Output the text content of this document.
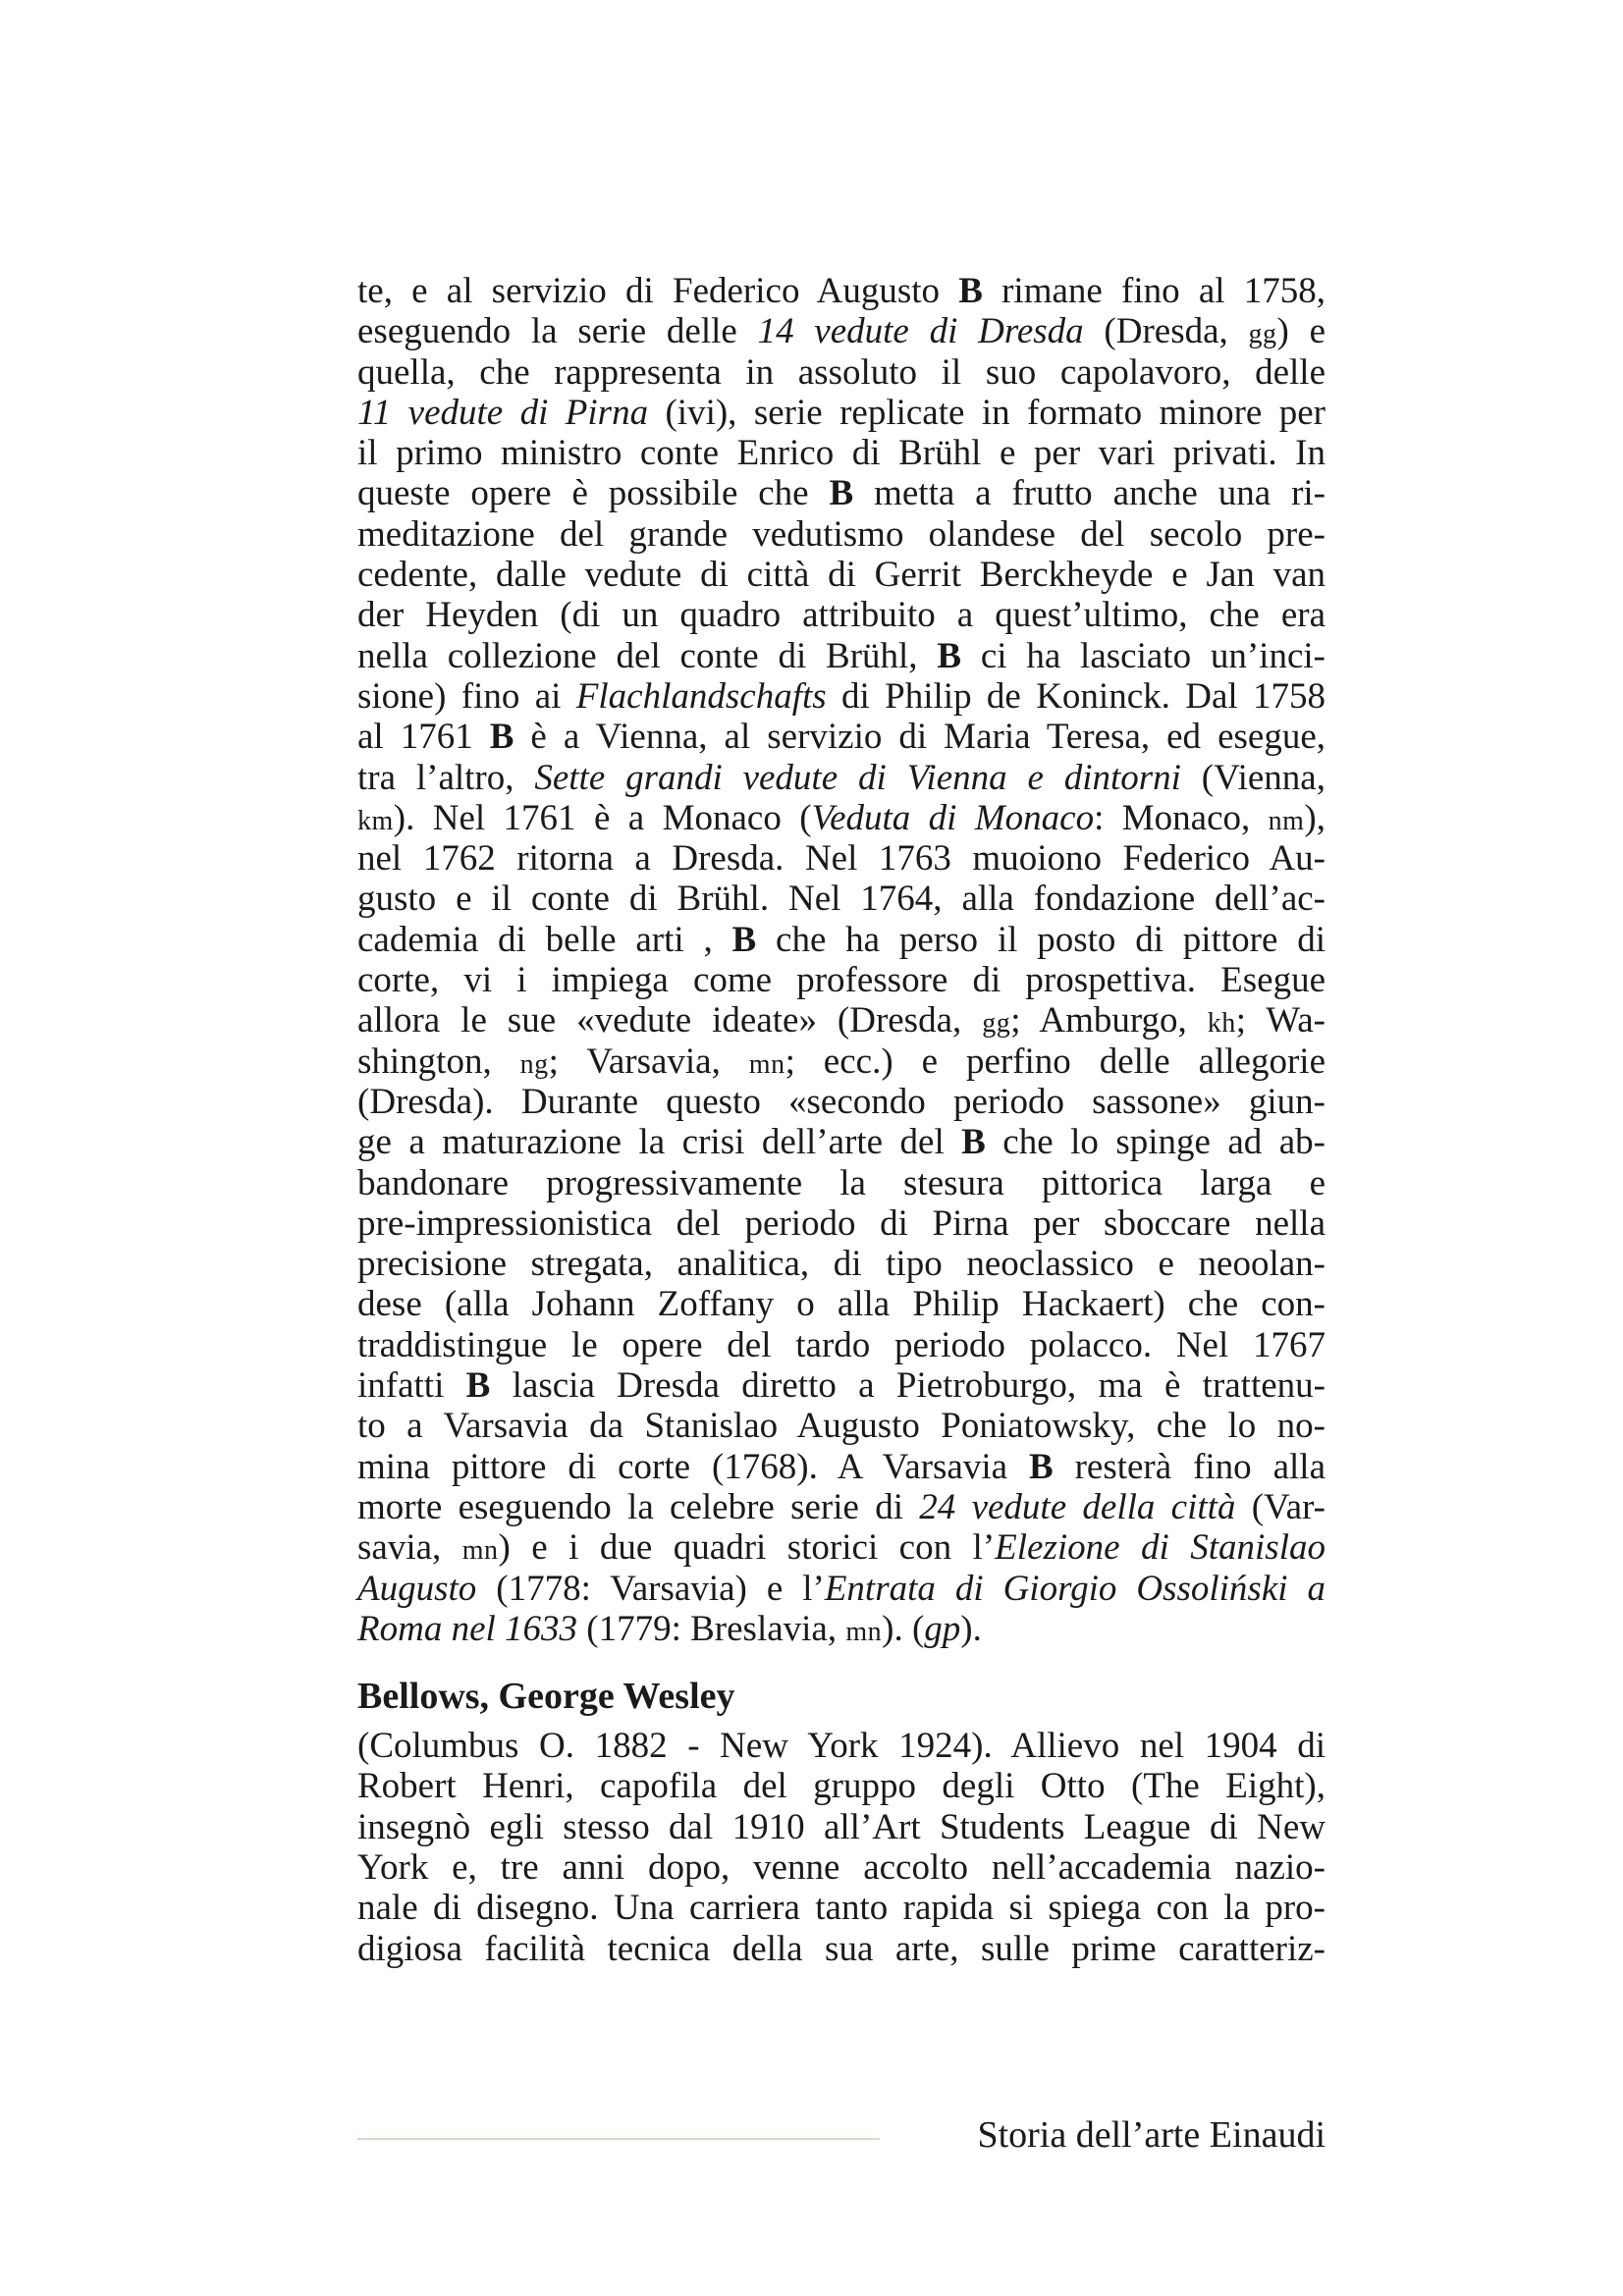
te, e al servizio di Federico Augusto B rimane fino al 1758,
eseguendo la serie delle 14 vedute di Dresda (Dresda, gg) e
quella, che rappresenta in assoluto il suo capolavoro, delle
11 vedute di Pirna (ivi), serie replicate in formato minore per
il primo ministro conte Enrico di Brühl e per vari privati. In
queste opere è possibile che B metta a frutto anche una ri-
meditazione del grande vedutismo olandese del secolo pre-
cedente, dalle vedute di città di Gerrit Berckheyde e Jan van
der Heyden (di un quadro attribuito a quest’ultimo, che era
nella collezione del conte di Brühl, B ci ha lasciato un’inci-
sione) fino ai Flachlandschafts di Philip de Koninck. Dal 1758
al 1761 B è a Vienna, al servizio di Maria Teresa, ed esegue,
tra l’altro, Sette grandi vedute di Vienna e dintorni (Vienna,
km). Nel 1761 è a Monaco (Veduta di Monaco: Monaco, nm),
nel 1762 ritorna a Dresda. Nel 1763 muoiono Federico Au-
gusto e il conte di Brühl. Nel 1764, alla fondazione dell’ac-
cademia di belle arti , B che ha perso il posto di pittore di
corte, vi i impiega come professore di prospettiva. Esegue
allora le sue «vedute ideate» (Dresda, gg; Amburgo, kh; Wa-
shington, ng; Varsavia, mn; ecc.) e perfino delle allegorie
(Dresda). Durante questo «secondo periodo sassone» giun-
ge a maturazione la crisi dell’arte del B che lo spinge ad ab-
bandonare progressivamente la stesura pittorica larga e
pre-impressionistica del periodo di Pirna per sboccare nella
precisione stregata, analitica, di tipo neoclassico e neoolan-
dese (alla Johann Zoffany o alla Philip Hackaert) che con-
traddistingue le opere del tardo periodo polacco. Nel 1767
infatti B lascia Dresda diretto a Pietroburgo, ma è trattenu-
to a Varsavia da Stanislao Augusto Poniatowsky, che lo no-
mina pittore di corte (1768). A Varsavia B resterà fino alla
morte eseguendo la celebre serie di 24 vedute della città (Var-
savia, mn) e i due quadri storici con l’Elezione di Stanislao
Augusto (1778: Varsavia) e l’Entrata di Giorgio Ossoliński a
Roma nel 1633 (1779: Breslavia, mn). (gp).
Bellows, George Wesley
(Columbus O. 1882 - New York 1924). Allievo nel 1904 di
Robert Henri, capofila del gruppo degli Otto (The Eight),
insegnò egli stesso dal 1910 all’Art Students League di New
York e, tre anni dopo, venne accolto nell’accademia nazio-
nale di disegno. Una carriera tanto rapida si spiega con la pro-
digiosa facilità tecnica della sua arte, sulle prime caratteriz-
Storia dell’arte Einaudi
